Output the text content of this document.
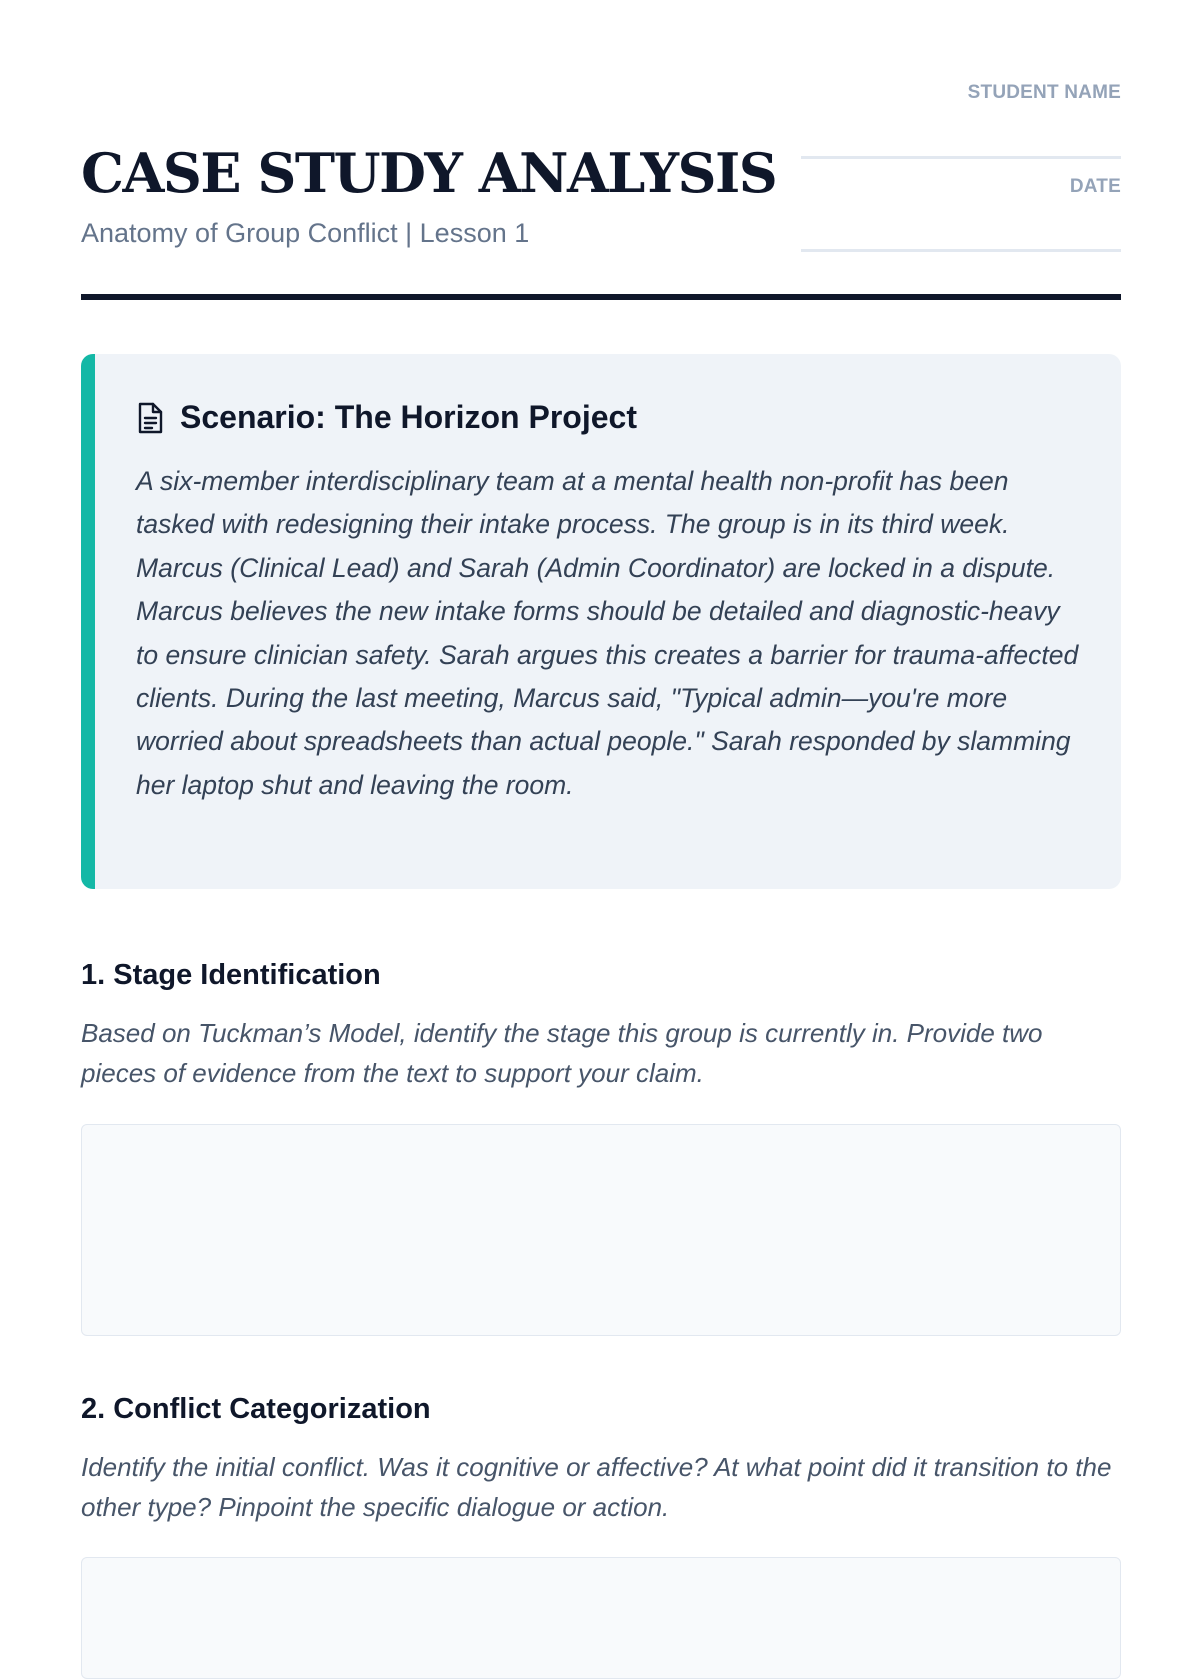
CASE STUDY ANALYSIS
Anatomy of Group Conflict | Lesson 1
STUDENT NAME
DATE
Scenario: The Horizon Project

A six-member interdisciplinary team at a mental health non-profit has been tasked with redesigning their intake process. The group is in its third week. Marcus (Clinical Lead) and Sarah (Admin Coordinator) are locked in a dispute. Marcus believes the new intake forms should be detailed and diagnostic-heavy to ensure clinician safety. Sarah argues this creates a barrier for trauma-affected clients. During the last meeting, Marcus said, "Typical admin—you're more worried about spreadsheets than actual people." Sarah responded by slamming her laptop shut and leaving the room.

1. Stage Identification

Based on Tuckman’s Model, identify the stage this group is currently in. Provide two pieces of evidence from the text to support your claim.

2. Conflict Categorization

Identify the initial conflict. Was it cognitive or affective? At what point did it transition to the other type? Pinpoint the specific dialogue or action.
